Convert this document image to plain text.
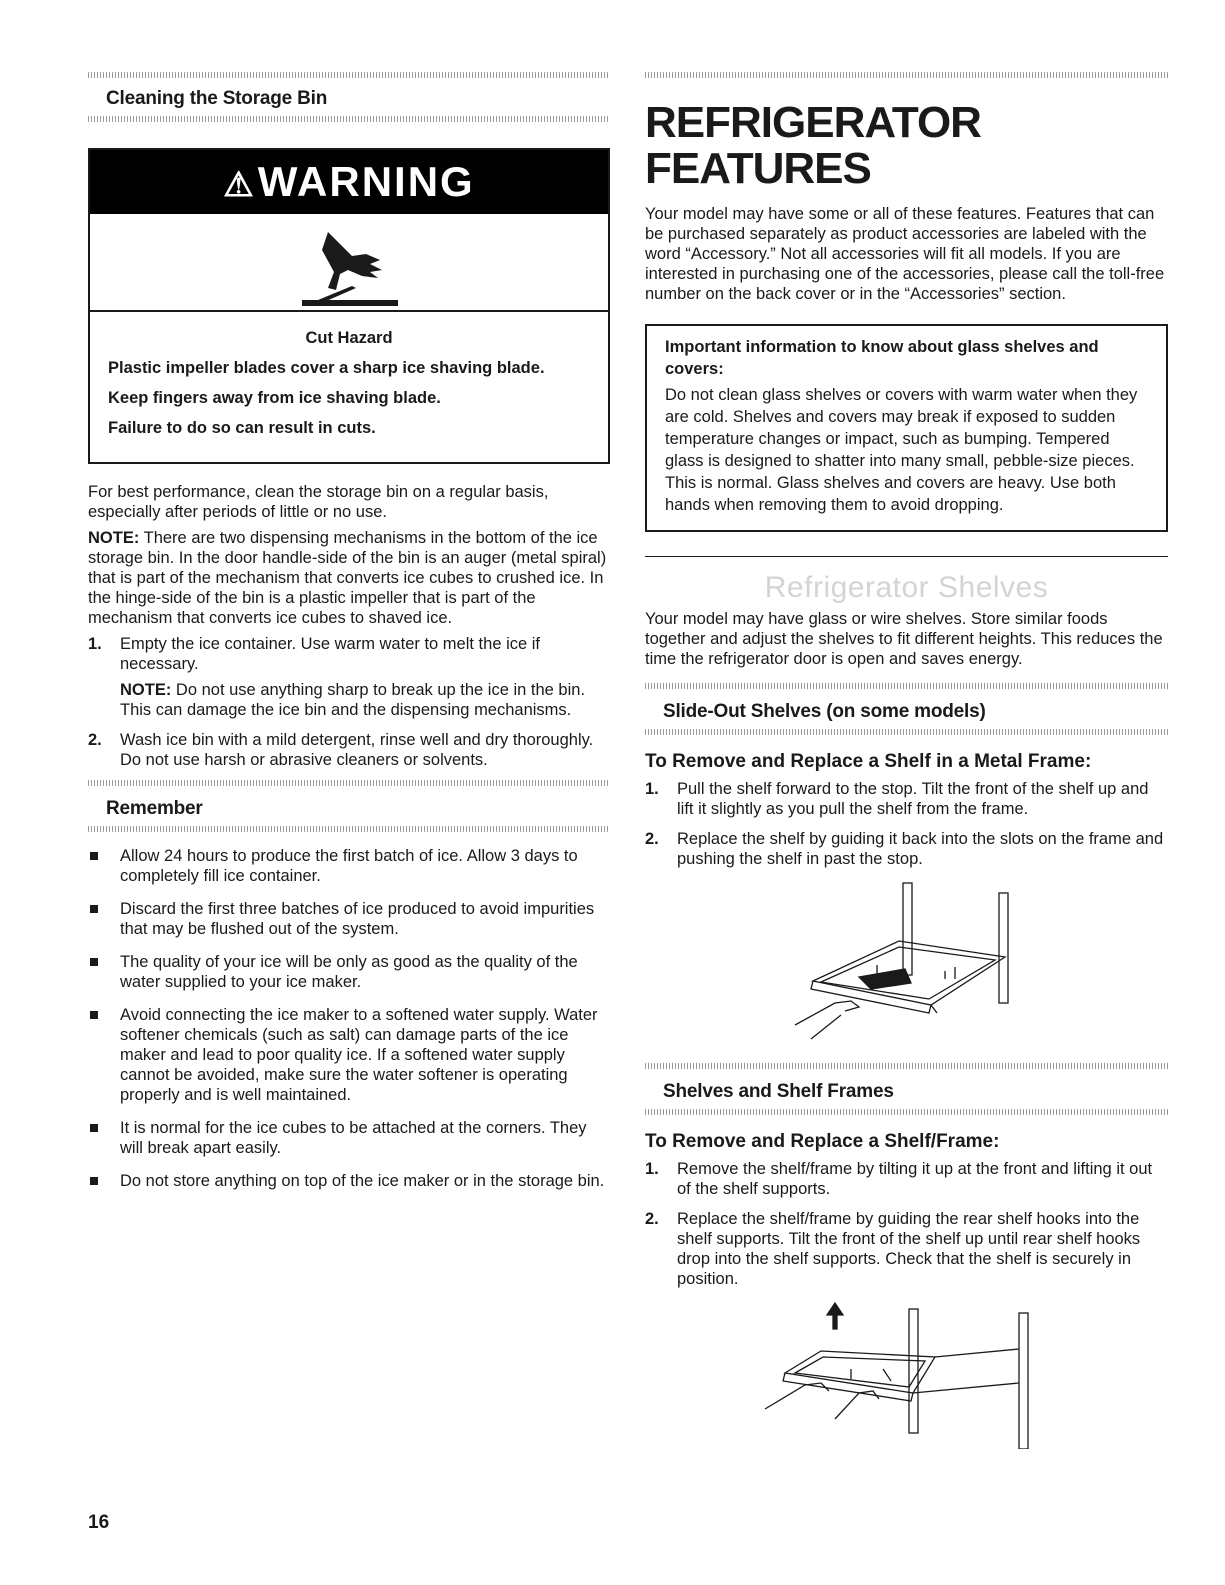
Cleaning the Storage Bin
⚠WARNING
Cut Hazard

Plastic impeller blades cover a sharp ice shaving blade.

Keep fingers away from ice shaving blade.

Failure to do so can result in cuts.

For best performance, clean the storage bin on a regular basis, especially after periods of little or no use.

NOTE: There are two dispensing mechanisms in the bottom of the ice storage bin. In the door handle-side of the bin is an auger (metal spiral) that is part of the mechanism that converts ice cubes to crushed ice. In the hinge-side of the bin is a plastic impeller that is part of the mechanism that converts ice cubes to shaved ice.

1. Empty the ice container. Use warm water to melt the ice if necessary.
NOTE: Do not use anything sharp to break up the ice in the bin. This can damage the ice bin and the dispensing mechanisms.
2. Wash ice bin with a mild detergent, rinse well and dry thoroughly. Do not use harsh or abrasive cleaners or solvents.
Remember
Allow 24 hours to produce the first batch of ice. Allow 3 days to completely fill ice container.
Discard the first three batches of ice produced to avoid impurities that may be flushed out of the system.
The quality of your ice will be only as good as the quality of the water supplied to your ice maker.
Avoid connecting the ice maker to a softened water supply. Water softener chemicals (such as salt) can damage parts of the ice maker and lead to poor quality ice. If a softened water supply cannot be avoided, make sure the water softener is operating properly and is well maintained.
It is normal for the ice cubes to be attached at the corners. They will break apart easily.
Do not store anything on top of the ice maker or in the storage bin.
REFRIGERATOR FEATURES

Your model may have some or all of these features. Features that can be purchased separately as product accessories are labeled with the word “Accessory.” Not all accessories will fit all models. If you are interested in purchasing one of the accessories, please call the toll-free number on the back cover or in the “Accessories” section.

Important information to know about glass shelves and covers:
Do not clean glass shelves or covers with warm water when they are cold. Shelves and covers may break if exposed to sudden temperature changes or impact, such as bumping. Tempered glass is designed to shatter into many small, pebble-size pieces. This is normal. Glass shelves and covers are heavy. Use both hands when removing them to avoid dropping.
Refrigerator Shelves

Your model may have glass or wire shelves. Store similar foods together and adjust the shelves to fit different heights. This reduces the time the refrigerator door is open and saves energy.

Slide-Out Shelves (on some models)
To Remove and Replace a Shelf in a Metal Frame:
1. Pull the shelf forward to the stop. Tilt the front of the shelf up and lift it slightly as you pull the shelf from the frame.
2. Replace the shelf by guiding it back into the slots on the frame and pushing the shelf in past the stop.
Shelves and Shelf Frames
To Remove and Replace a Shelf/Frame:
1. Remove the shelf/frame by tilting it up at the front and lifting it out of the shelf supports.
2. Replace the shelf/frame by guiding the rear shelf hooks into the shelf supports. Tilt the front of the shelf up until rear shelf hooks drop into the shelf supports. Check that the shelf is securely in position.
16
